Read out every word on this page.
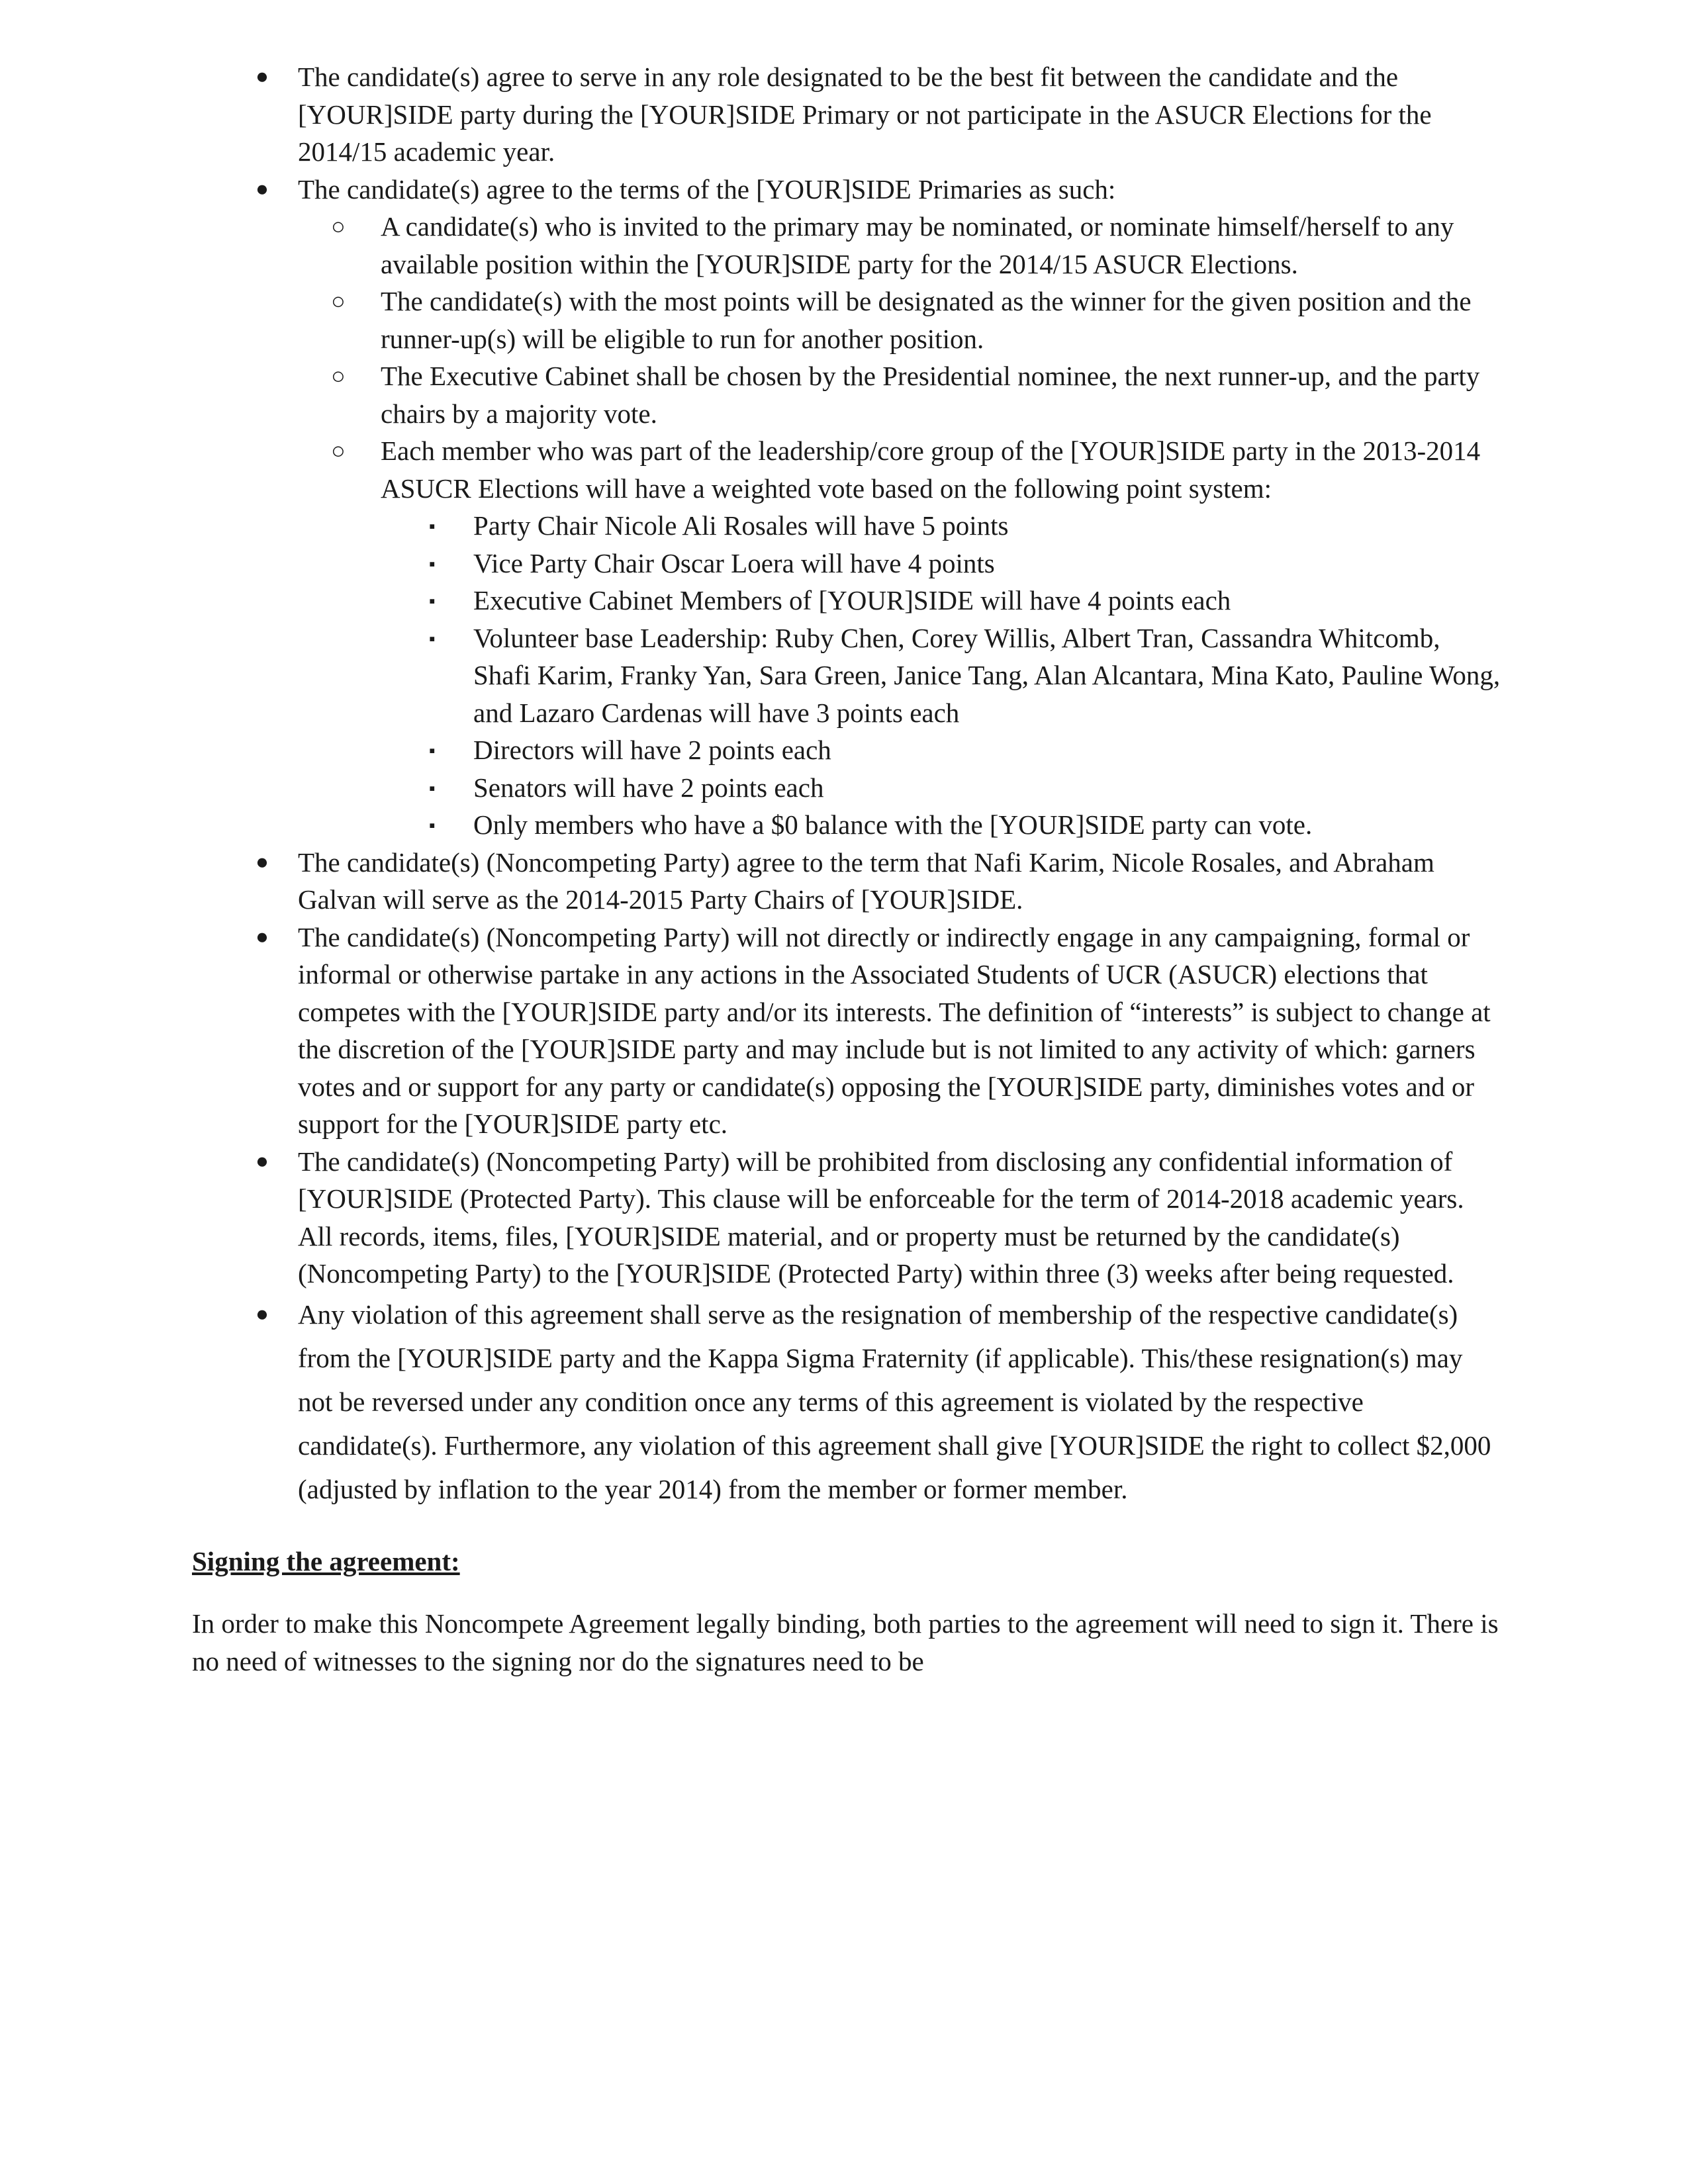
● The candidate(s) agree to serve in any role designated to be the best fit between the candidate and the [YOUR]SIDE party during the [YOUR]SIDE Primary or not participate in the ASUCR Elections for the 2014/15 academic year.
● The candidate(s) agree to the terms of the [YOUR]SIDE Primaries as such:
○ A candidate(s) who is invited to the primary may be nominated, or nominate himself/herself to any available position within the [YOUR]SIDE party for the 2014/15 ASUCR Elections.
○ The candidate(s) with the most points will be designated as the winner for the given position and the runner-up(s) will be eligible to run for another position.
○ The Executive Cabinet shall be chosen by the Presidential nominee, the next runner-up, and the party chairs by a majority vote.
○ Each member who was part of the leadership/core group of the [YOUR]SIDE party in the 2013-2014 ASUCR Elections will have a weighted vote based on the following point system:
▪ Party Chair Nicole Ali Rosales will have 5 points
▪ Vice Party Chair Oscar Loera will have 4 points
▪ Executive Cabinet Members of [YOUR]SIDE will have 4 points each
▪ Volunteer base Leadership: Ruby Chen, Corey Willis, Albert Tran, Cassandra Whitcomb, Shafi Karim, Franky Yan, Sara Green, Janice Tang, Alan Alcantara, Mina Kato, Pauline Wong, and Lazaro Cardenas will have 3 points each
▪ Directors will have 2 points each
▪ Senators will have 2 points each
▪ Only members who have a $0 balance with the [YOUR]SIDE party can vote.
● The candidate(s) (Noncompeting Party) agree to the term that Nafi Karim, Nicole Rosales, and Abraham Galvan will serve as the 2014-2015 Party Chairs of [YOUR]SIDE.
● The candidate(s) (Noncompeting Party) will not directly or indirectly engage in any campaigning, formal or informal or otherwise partake in any actions in the Associated Students of UCR (ASUCR) elections that competes with the [YOUR]SIDE party and/or its interests. The definition of “interests” is subject to change at the discretion of the [YOUR]SIDE party and may include but is not limited to any activity of which: garners votes and or support for any party or candidate(s) opposing the [YOUR]SIDE party, diminishes votes and or support for the [YOUR]SIDE party etc.
● The candidate(s) (Noncompeting Party) will be prohibited from disclosing any confidential information of [YOUR]SIDE (Protected Party). This clause will be enforceable for the term of 2014-2018 academic years. All records, items, files, [YOUR]SIDE material, and or property must be returned by the candidate(s) (Noncompeting Party) to the [YOUR]SIDE (Protected Party) within three (3) weeks after being requested.
● Any violation of this agreement shall serve as the resignation of membership of the respective candidate(s) from the [YOUR]SIDE party and the Kappa Sigma Fraternity (if applicable). This/these resignation(s) may not be reversed under any condition once any terms of this agreement is violated by the respective candidate(s). Furthermore, any violation of this agreement shall give [YOUR]SIDE the right to collect $2,000 (adjusted by inflation to the year 2014) from the member or former member.
Signing the agreement:

In order to make this Noncompete Agreement legally binding, both parties to the agreement will need to sign it. There is no need of witnesses to the signing nor do the signatures need to be
